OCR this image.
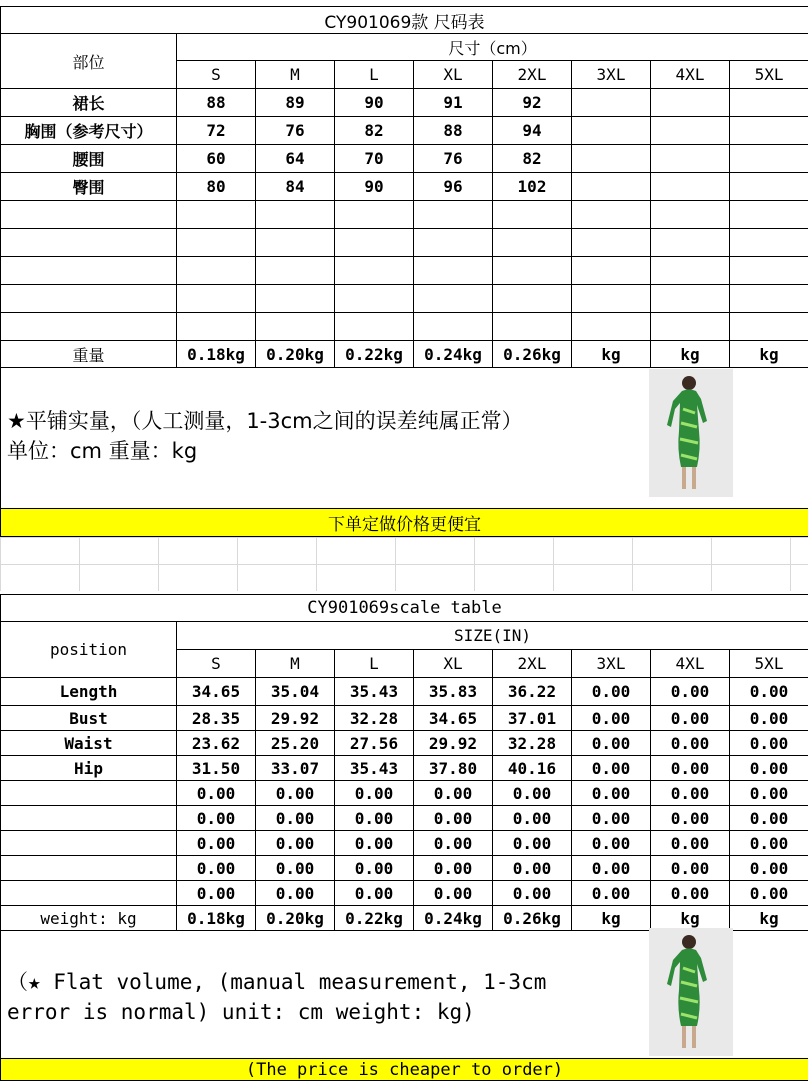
CY901069款 尺码表								
部位	尺寸（cm）							
	S	M	L	XL	2XL	3XL	4XL	5XL
裙长	88	89	90	91	92			
胸围（参考尺寸）	72	76	82	88	94			
腰围	60	64	70	76	82			
臀围	80	84	90	96	102			

重量	0.18kg	0.20kg	0.22kg	0.24kg	0.26kg	kg	kg	kg

★平铺实量，（人工测量，1-3cm之间的误差纯属正常）
单位：cm 重量：kg								

下单定做价格更便宜								
CY901069scale table								
position	SIZE(IN)							
	S	M	L	XL	2XL	3XL	4XL	5XL
Length	34.65	35.04	35.43	35.83	36.22	0.00	0.00	0.00
Bust	28.35	29.92	32.28	34.65	37.01	0.00	0.00	0.00
Waist	23.62	25.20	27.56	29.92	32.28	0.00	0.00	0.00
Hip	31.50	33.07	35.43	37.80	40.16	0.00	0.00	0.00
	0.00	0.00	0.00	0.00	0.00	0.00	0.00	0.00
	0.00	0.00	0.00	0.00	0.00	0.00	0.00	0.00
	0.00	0.00	0.00	0.00	0.00	0.00	0.00	0.00
	0.00	0.00	0.00	0.00	0.00	0.00	0.00	0.00
	0.00	0.00	0.00	0.00	0.00	0.00	0.00	0.00
weight: kg	0.18kg	0.20kg	0.22kg	0.24kg	0.26kg	kg	kg	kg

（★ Flat volume, (manual measurement, 1-3cm
error is normal) unit: cm weight: kg)								

(The price is cheaper to order)								
